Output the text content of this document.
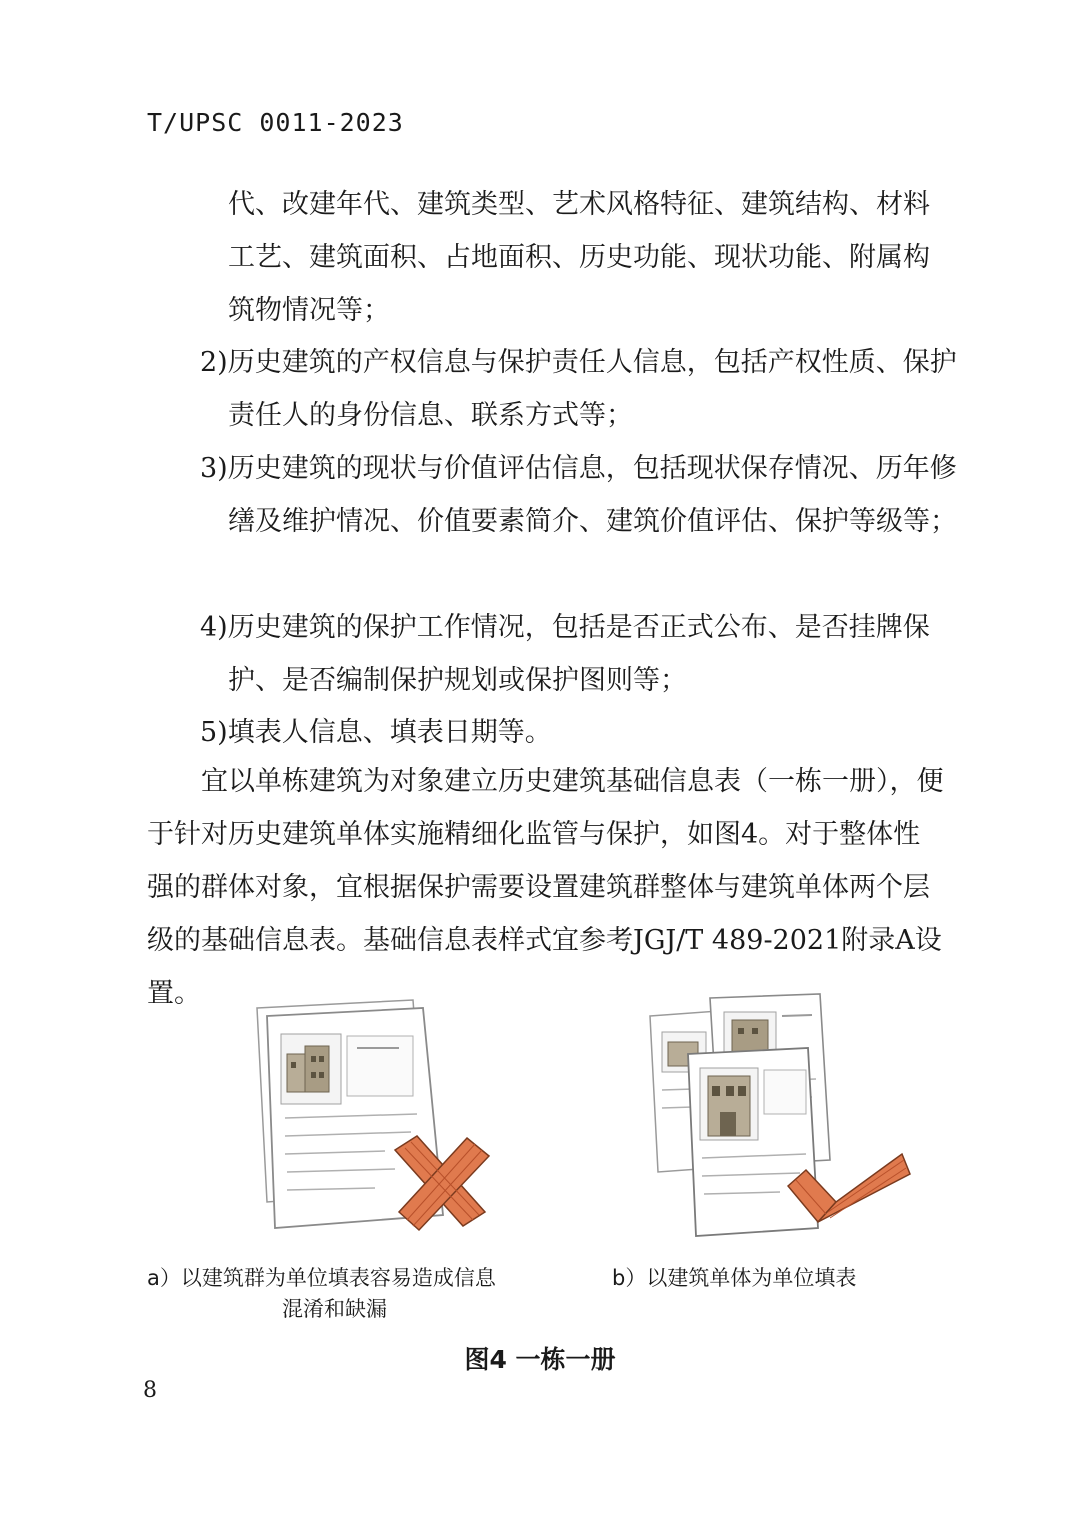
T/UPSC 0011-2023

代、改建年代、建筑类型、艺术风格特征、建筑结构、材料工艺、建筑面积、占地面积、历史功能、现状功能、附属构筑物情况等；

2)历史建筑的产权信息与保护责任人信息，包括产权性质、保护责任人的身份信息、联系方式等；

3)历史建筑的现状与价值评估信息，包括现状保存情况、历年修缮及维护情况、价值要素简介、建筑价值评估、保护等级等；

4)历史建筑的保护工作情况，包括是否正式公布、是否挂牌保护、是否编制保护规划或保护图则等；

5)填表人信息、填表日期等。

宜以单栋建筑为对象建立历史建筑基础信息表（一栋一册），便于针对历史建筑单体实施精细化监管与保护，如图4。对于整体性强的群体对象，宜根据保护需要设置建筑群整体与建筑单体两个层级的基础信息表。基础信息表样式宜参考JGJ/T 489-2021附录A设置。

a）以建筑群为单位填表容易造成信息
混淆和缺漏

b）以建筑单体为单位填表

图4 一栋一册

8
